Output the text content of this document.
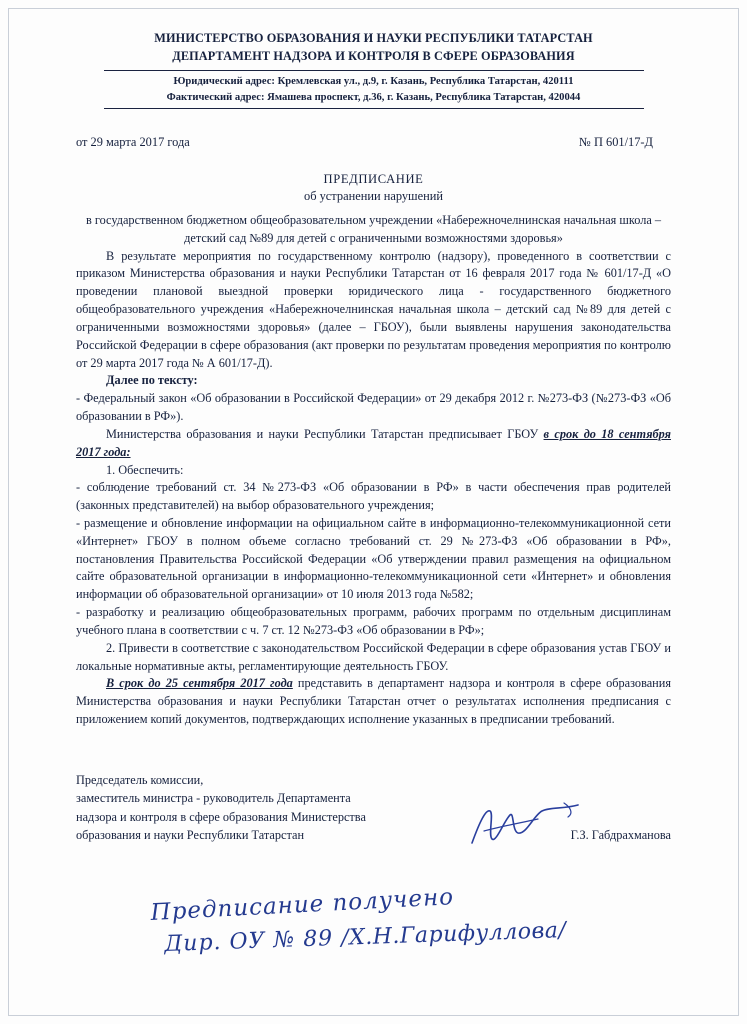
МИНИСТЕРСТВО ОБРАЗОВАНИЯ И НАУКИ РЕСПУБЛИКИ ТАТАРСТАН
ДЕПАРТАМЕНТ НАДЗОРА И КОНТРОЛЯ В СФЕРЕ ОБРАЗОВАНИЯ
Юридический адрес: Кремлевская ул., д.9, г. Казань, Республика Татарстан, 420111
Фактический адрес: Ямашева проспект, д.36, г. Казань, Республика Татарстан, 420044
от 29 марта 2017 года	№ П 601/17-Д
ПРЕДПИСАНИЕ
об устранении нарушений
в государственном бюджетном общеобразовательном учреждении «Набережночелнинская начальная школа – детский сад №89 для детей с ограниченными возможностями здоровья»

В результате мероприятия по государственному контролю (надзору), проведенного в соответствии с приказом Министерства образования и науки Республики Татарстан от 16 февраля 2017 года № 601/17-Д «О проведении плановой выездной проверки юридического лица - государственного бюджетного общеобразовательного учреждения «Набережночелнинская начальная школа – детский сад №89 для детей с ограниченными возможностями здоровья» (далее – ГБОУ), были выявлены нарушения законодательства Российской Федерации в сфере образования (акт проверки по результатам проведения мероприятия по контролю от 29 марта 2017 года № А 601/17-Д).

Далее по тексту:

- Федеральный закон «Об образовании в Российской Федерации» от 29 декабря 2012 г. №273-ФЗ (№273-ФЗ «Об образовании в РФ»).

Министерства образования и науки Республики Татарстан предписывает ГБОУ в срок до 18 сентября 2017 года:

1. Обеспечить:

- соблюдение требований ст. 34 №273-ФЗ «Об образовании в РФ» в части обеспечения прав родителей (законных представителей) на выбор образовательного учреждения;

- размещение и обновление информации на официальном сайте в информационно-телекоммуникационной сети «Интернет» ГБОУ в полном объеме согласно требований ст. 29 №273-ФЗ «Об образовании в РФ», постановления Правительства Российской Федерации «Об утверждении правил размещения на официальном сайте образовательной организации в информационно-телекоммуникационной сети «Интернет» и обновления информации об образовательной организации» от 10 июля 2013 года №582;

- разработку и реализацию общеобразовательных программ, рабочих программ по отдельным дисциплинам учебного плана в соответствии с ч. 7 ст. 12 №273-ФЗ «Об образовании в РФ»;

2. Привести в соответствие с законодательством Российской Федерации в сфере образования устав ГБОУ и локальные нормативные акты, регламентирующие деятельность ГБОУ.

В срок до 25 сентября 2017 года представить в департамент надзора и контроля в сфере образования Министерства образования и науки Республики Татарстан отчет о результатах исполнения предписания с приложением копий документов, подтверждающих исполнение указанных в предписании требований.

Председатель комиссии,
заместитель министра - руководитель Департамента
надзора и контроля в сфере образования Министерства
образования и науки Республики Татарстан	Г.З. Габдрахманова
Предписание получено
Дир. ОУ № 89 /Х.Н.Гарифуллова/
